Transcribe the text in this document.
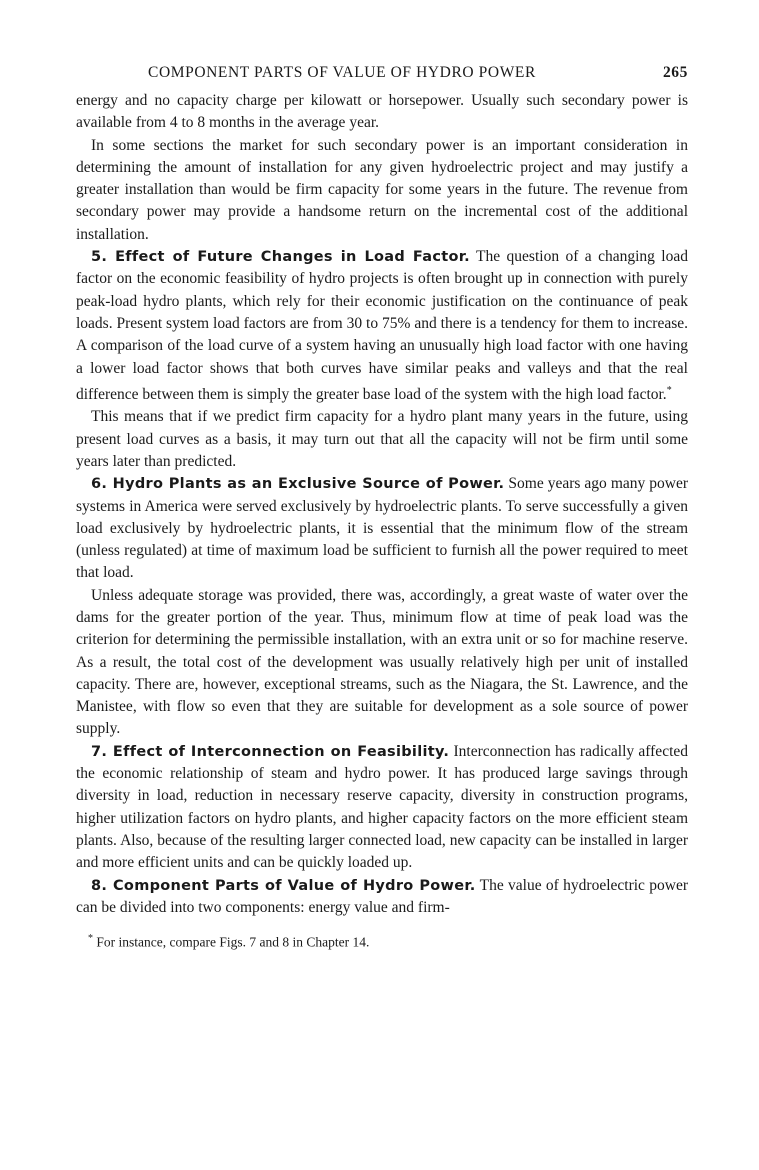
COMPONENT PARTS OF VALUE OF HYDRO POWER	265

energy and no capacity charge per kilowatt or horsepower. Usually such secondary power is available from 4 to 8 months in the average year.

In some sections the market for such secondary power is an important consideration in determining the amount of installation for any given hydroelectric project and may justify a greater installation than would be firm capacity for some years in the future. The revenue from secondary power may provide a handsome return on the incremental cost of the additional installation.

5. Effect of Future Changes in Load Factor. The question of a changing load factor on the economic feasibility of hydro projects is often brought up in connection with purely peak-load hydro plants, which rely for their economic justification on the continuance of peak loads. Present system load factors are from 30 to 75% and there is a tendency for them to increase. A comparison of the load curve of a system having an unusually high load factor with one having a lower load factor shows that both curves have similar peaks and valleys and that the real difference between them is simply the greater base load of the system with the high load factor.*

This means that if we predict firm capacity for a hydro plant many years in the future, using present load curves as a basis, it may turn out that all the capacity will not be firm until some years later than predicted.

6. Hydro Plants as an Exclusive Source of Power. Some years ago many power systems in America were served exclusively by hydroelectric plants. To serve successfully a given load exclusively by hydroelectric plants, it is essential that the minimum flow of the stream (unless regulated) at time of maximum load be sufficient to furnish all the power required to meet that load.

Unless adequate storage was provided, there was, accordingly, a great waste of water over the dams for the greater portion of the year. Thus, minimum flow at time of peak load was the criterion for determining the permissible installation, with an extra unit or so for machine reserve. As a result, the total cost of the development was usually relatively high per unit of installed capacity. There are, however, exceptional streams, such as the Niagara, the St. Lawrence, and the Manistee, with flow so even that they are suitable for development as a sole source of power supply.

7. Effect of Interconnection on Feasibility. Interconnection has radically affected the economic relationship of steam and hydro power. It has produced large savings through diversity in load, reduction in necessary reserve capacity, diversity in construction programs, higher utilization factors on hydro plants, and higher capacity factors on the more efficient steam plants. Also, because of the resulting larger connected load, new capacity can be installed in larger and more efficient units and can be quickly loaded up.

8. Component Parts of Value of Hydro Power. The value of hydroelectric power can be divided into two components: energy value and firm-

* For instance, compare Figs. 7 and 8 in Chapter 14.
